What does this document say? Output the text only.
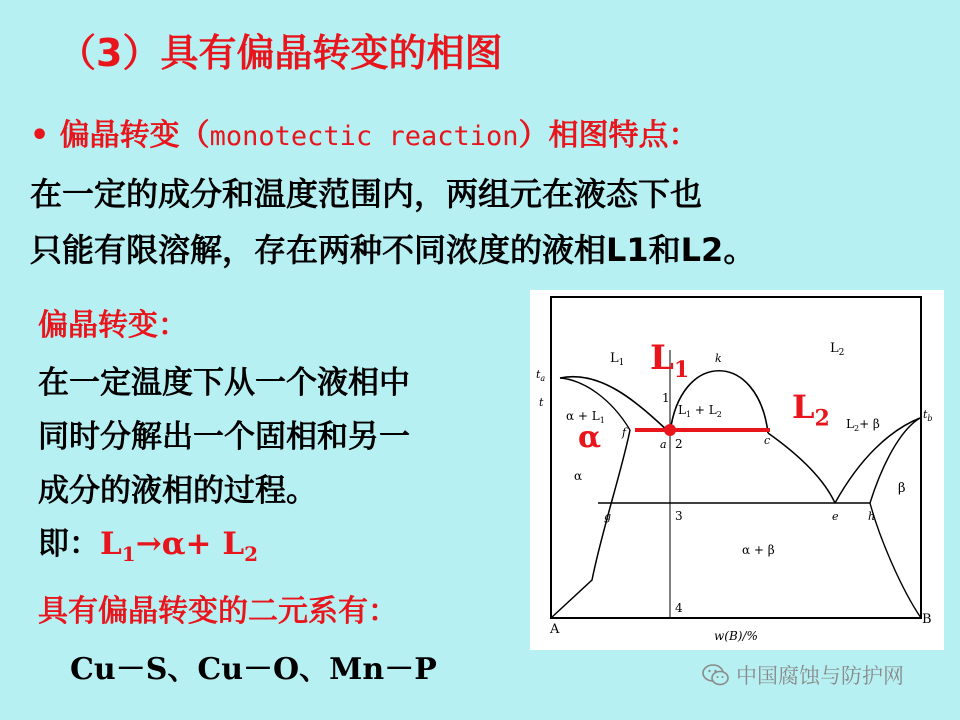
（3）具有偏晶转变的相图
• 偏晶转变（monotectic reaction）相图特点：
在一定的成分和温度范围内，两组元在液态下也
只能有限溶解，存在两种不同浓度的液相L1和L2。
偏晶转变：
在一定温度下从一个液相中
同时分解出一个固相和另一
成分的液相的过程。
即：$L_1\to\alpha+ L_2$
具有偏晶转变的二元系有：
Cu－S、Cu－O、Mn－P
$L_1$
$L_2$
$L_1 + L_2$
$\alpha + L_1$	$L_2+ \beta$
α
β
α + β
$t_a$
$t_b$
t
k
f
a	c
g	e	h
1
2
3
4
A
B
w(B)/%
$L_1$
$L_2$
α
中国腐蚀与防护网
